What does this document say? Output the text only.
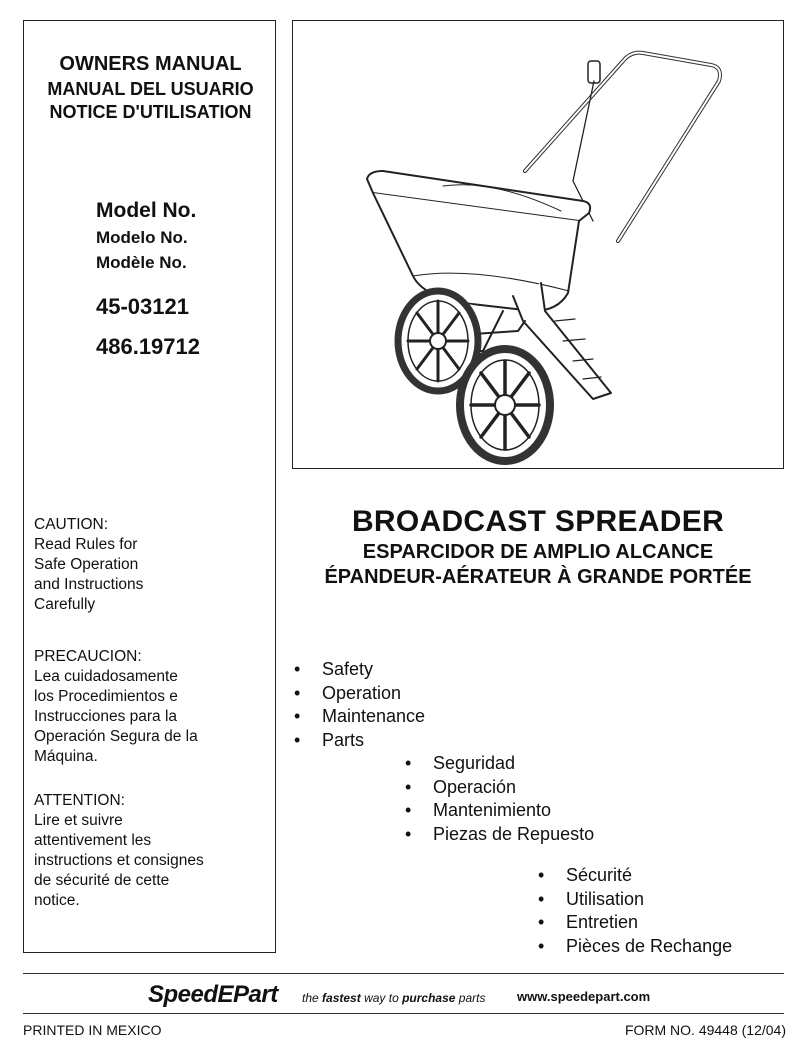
OWNERS MANUAL
MANUAL DEL USUARIO
NOTICE D'UTILISATION
Model No.
Modelo No.
Modèle No.
45-03121
486.19712
CAUTION:
Read Rules for
Safe Operation
and Instructions
Carefully
PRECAUCION:
Lea cuidadosamente
los Procedimientos e
Instrucciones para la
Operación Segura de la
Máquina.
ATTENTION:
Lire et suivre
attentivement les
instructions et consignes
de sécurité de cette
notice.
BROADCAST SPREADER
ESPARCIDOR DE AMPLIO ALCANCE
ÉPANDEUR-AÉRATEUR À GRANDE PORTÉE
• Safety
• Operation
• Maintenance
• Parts
• Seguridad
• Operación
• Mantenimiento
• Piezas de Repuesto
• Sécurité
• Utilisation
• Entretien
• Pièces de Rechange
SpeedEPart the fastest way to purchase parts www.speedepart.com
PRINTED IN MEXICO	FORM NO. 49448 (12/04)
